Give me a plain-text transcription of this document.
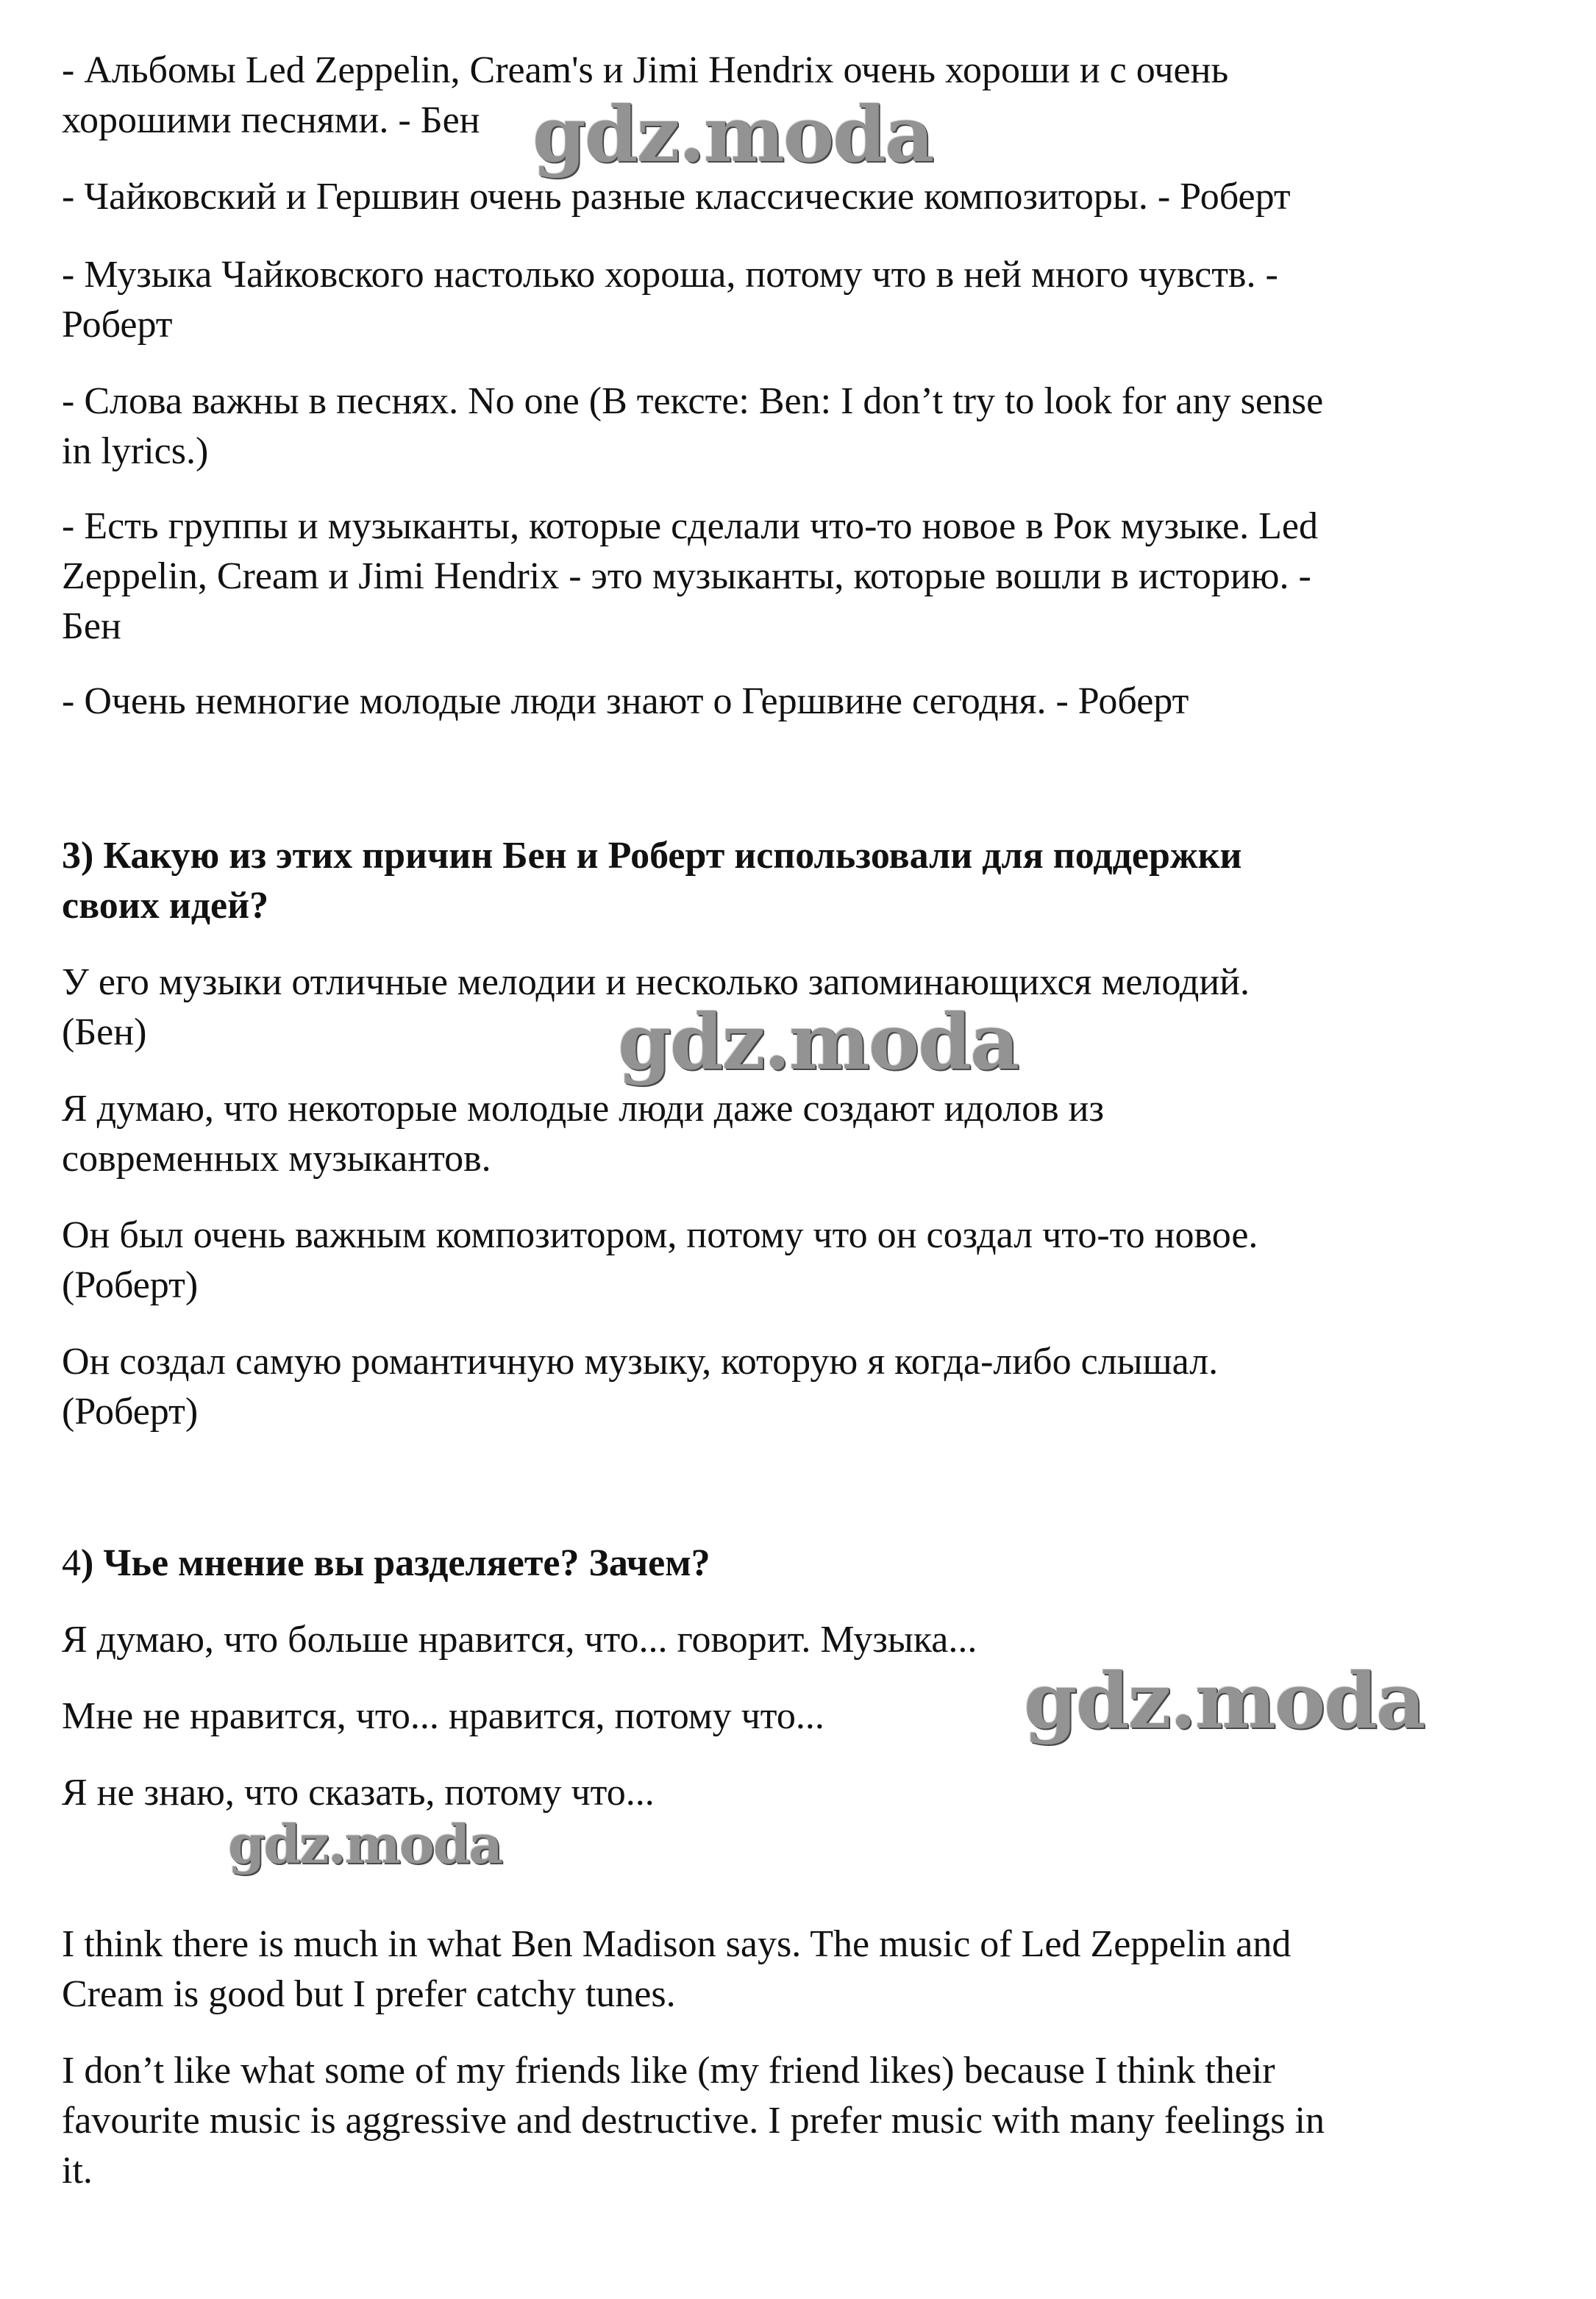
- Альбомы Led Zeppelin, Cream's и Jimi Hendrix очень хороши и с очень

хорошими песнями. - Бен

- Чайковский и Гершвин очень разные классические композиторы. - Роберт

- Музыка Чайковского настолько хороша, потому что в ней много чувств. -

Роберт

- Слова важны в песнях. No one (В тексте: Ben: I don’t try to look for any sense

in lyrics.)

- Есть группы и музыканты, которые сделали что-то новое в Рок музыке. Led

Zeppelin, Cream и Jimi Hendrix - это музыканты, которые вошли в историю. -

Бен

- Очень немногие молодые люди знают о Гершвине сегодня. - Роберт

3) Какую из этих причин Бен и Роберт использовали для поддержки

своих идей?

У его музыки отличные мелодии и несколько запоминающихся мелодий.

(Бен)

Я думаю, что некоторые молодые люди даже создают идолов из

современных музыкантов.

Он был очень важным композитором, потому что он создал что-то новое.

(Роберт)

Он создал самую романтичную музыку, которую я когда-либо слышал.

(Роберт)

4) Чье мнение вы разделяете? Зачем?

Я думаю, что больше нравится, что... говорит. Музыка...

Мне не нравится, что... нравится, потому что...

Я не знаю, что сказать, потому что...

I think there is much in what Ben Madison says. The music of Led Zeppelin and

Cream is good but I prefer catchy tunes.

I don’t like what some of my friends like (my friend likes) because I think their

favourite music is aggressive and destructive. I prefer music with many feelings in

it.

gdz.moda
gdz.moda
gdz.moda
gdz.moda
